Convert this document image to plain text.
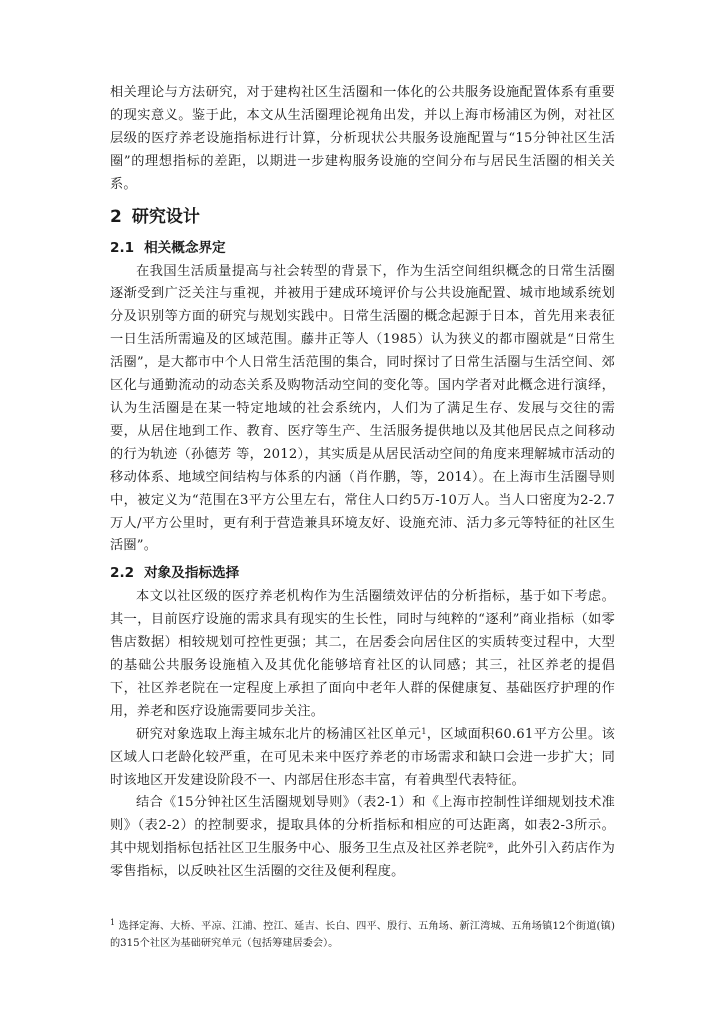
相关理论与方法研究，对于建构社区生活圈和一体化的公共服务设施配置体系有重要的现实意义。鉴于此，本文从生活圈理论视角出发，并以上海市杨浦区为例，对社区层级的医疗养老设施指标进行计算，分析现状公共服务设施配置与“15分钟社区生活圈”的理想指标的差距，以期进一步建构服务设施的空间分布与居民生活圈的相关关系。

2 研究设计
2.1 相关概念界定

在我国生活质量提高与社会转型的背景下，作为生活空间组织概念的日常生活圈逐渐受到广泛关注与重视，并被用于建成环境评价与公共设施配置、城市地域系统划分及识别等方面的研究与规划实践中。日常生活圈的概念起源于日本，首先用来表征一日生活所需遍及的区域范围。藤井正等人（1985）认为狭义的都市圈就是“日常生活圈”，是大都市中个人日常生活范围的集合，同时探讨了日常生活圈与生活空间、郊区化与通勤流动的动态关系及购物活动空间的变化等。国内学者对此概念进行演绎，认为生活圈是在某一特定地域的社会系统内，人们为了满足生存、发展与交往的需要，从居住地到工作、教育、医疗等生产、生活服务提供地以及其他居民点之间移动的行为轨迹（孙德芳 等，2012），其实质是从居民活动空间的角度来理解城市活动的移动体系、地域空间结构与体系的内涵（肖作鹏，等，2014）。在上海市生活圈导则中，被定义为“范围在3平方公里左右，常住人口约5万-10万人。当人口密度为2-2.7万人/平方公里时，更有利于营造兼具环境友好、设施充沛、活力多元等特征的社区生活圈”。

2.2 对象及指标选择

本文以社区级的医疗养老机构作为生活圈绩效评估的分析指标，基于如下考虑。其一，目前医疗设施的需求具有现实的生长性，同时与纯粹的“逐利”商业指标（如零售店数据）相较规划可控性更强；其二，在居委会向居住区的实质转变过程中，大型的基础公共服务设施植入及其优化能够培育社区的认同感；其三，社区养老的提倡下，社区养老院在一定程度上承担了面向中老年人群的保健康复、基础医疗护理的作用，养老和医疗设施需要同步关注。

研究对象选取上海主城东北片的杨浦区社区单元$^1$，区域面积60.61平方公里。该区域人口老龄化较严重，在可见未来中医疗养老的市场需求和缺口会进一步扩大；同时该地区开发建设阶段不一、内部居住形态丰富，有着典型代表特征。

结合《15分钟社区生活圈规划导则》（表2-1）和《上海市控制性详细规划技术准则》（表2-2）的控制要求，提取具体的分析指标和相应的可达距离，如表2-3所示。其中规划指标包括社区卫生服务中心、服务卫生点及社区养老院②，此外引入药店作为零售指标，以反映社区生活圈的交往及便利程度。

$^1$ 选择定海、大桥、平凉、江浦、控江、延吉、长白、四平、殷行、五角场、新江湾城、五角场镇12个街道(镇)的315个社区为基础研究单元（包括筹建居委会）。
